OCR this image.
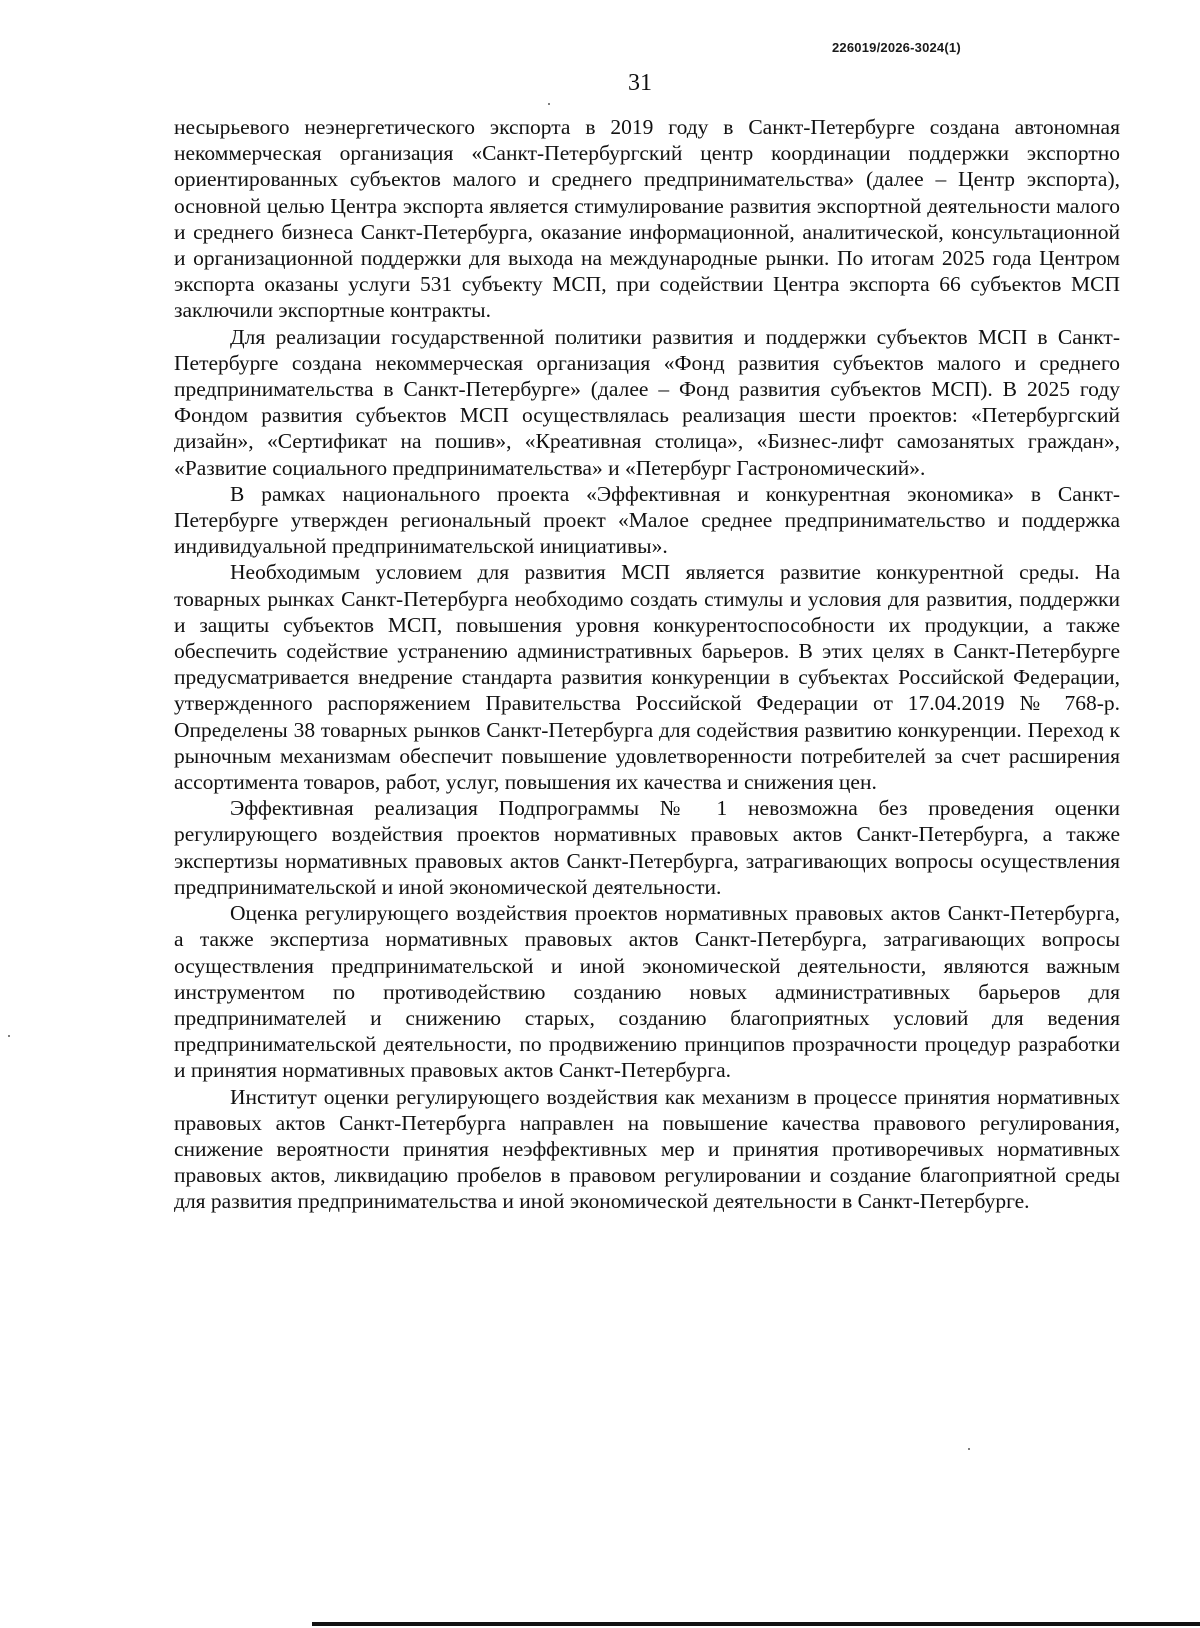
226019/2026-3024(1)
31

несырьевого неэнергетического экспорта в 2019 году в Санкт-Петербурге создана автономная некоммерческая организация «Санкт-Петербургский центр координации поддержки экспортно ориентированных субъектов малого и среднего предпринимательства» (далее – Центр экспорта), основной целью Центра экспорта является стимулирование развития экспортной деятельности малого и среднего бизнеса Санкт-Петербурга, оказание информационной, аналитической, консультационной и организационной поддержки для выхода на международные рынки. По итогам 2025 года Центром экспорта оказаны услуги 531 субъекту МСП, при содействии Центра экспорта 66 субъектов МСП заключили экспортные контракты.

Для реализации государственной политики развития и поддержки субъектов МСП в Санкт-Петербурге создана некоммерческая организация «Фонд развития субъектов малого и среднего предпринимательства в Санкт-Петербурге» (далее – Фонд развития субъектов МСП). В 2025 году Фондом развития субъектов МСП осуществлялась реализация шести проектов: «Петербургский дизайн», «Сертификат на пошив», «Креативная столица», «Бизнес-лифт самозанятых граждан», «Развитие социального предпринимательства» и «Петербург Гастрономический».

В рамках национального проекта «Эффективная и конкурентная экономика» в Санкт-Петербурге утвержден региональный проект «Малое среднее предпринимательство и поддержка индивидуальной предпринимательской инициативы».

Необходимым условием для развития МСП является развитие конкурентной среды. На товарных рынках Санкт-Петербурга необходимо создать стимулы и условия для развития, поддержки и защиты субъектов МСП, повышения уровня конкурентоспособности их продукции, а также обеспечить содействие устранению административных барьеров. В этих целях в Санкт-Петербурге предусматривается внедрение стандарта развития конкуренции в субъектах Российской Федерации, утвержденного распоряжением Правительства Российской Федерации от 17.04.2019 № 768-р. Определены 38 товарных рынков Санкт-Петербурга для содействия развитию конкуренции. Переход к рыночным механизмам обеспечит повышение удовлетворенности потребителей за счет расширения ассортимента товаров, работ, услуг, повышения их качества и снижения цен.

Эффективная реализация Подпрограммы № 1 невозможна без проведения оценки регулирующего воздействия проектов нормативных правовых актов Санкт-Петербурга, а также экспертизы нормативных правовых актов Санкт-Петербурга, затрагивающих вопросы осуществления предпринимательской и иной экономической деятельности.

Оценка регулирующего воздействия проектов нормативных правовых актов Санкт-Петербурга, а также экспертиза нормативных правовых актов Санкт-Петербурга, затрагивающих вопросы осуществления предпринимательской и иной экономической деятельности, являются важным инструментом по противодействию созданию новых административных барьеров для предпринимателей и снижению старых, созданию благоприятных условий для ведения предпринимательской деятельности, по продвижению принципов прозрачности процедур разработки и принятия нормативных правовых актов Санкт-Петербурга.

Институт оценки регулирующего воздействия как механизм в процессе принятия нормативных правовых актов Санкт-Петербурга направлен на повышение качества правового регулирования, снижение вероятности принятия неэффективных мер и принятия противоречивых нормативных правовых актов, ликвидацию пробелов в правовом регулировании и создание благоприятной среды для развития предпринимательства и иной экономической деятельности в Санкт-Петербурге.
